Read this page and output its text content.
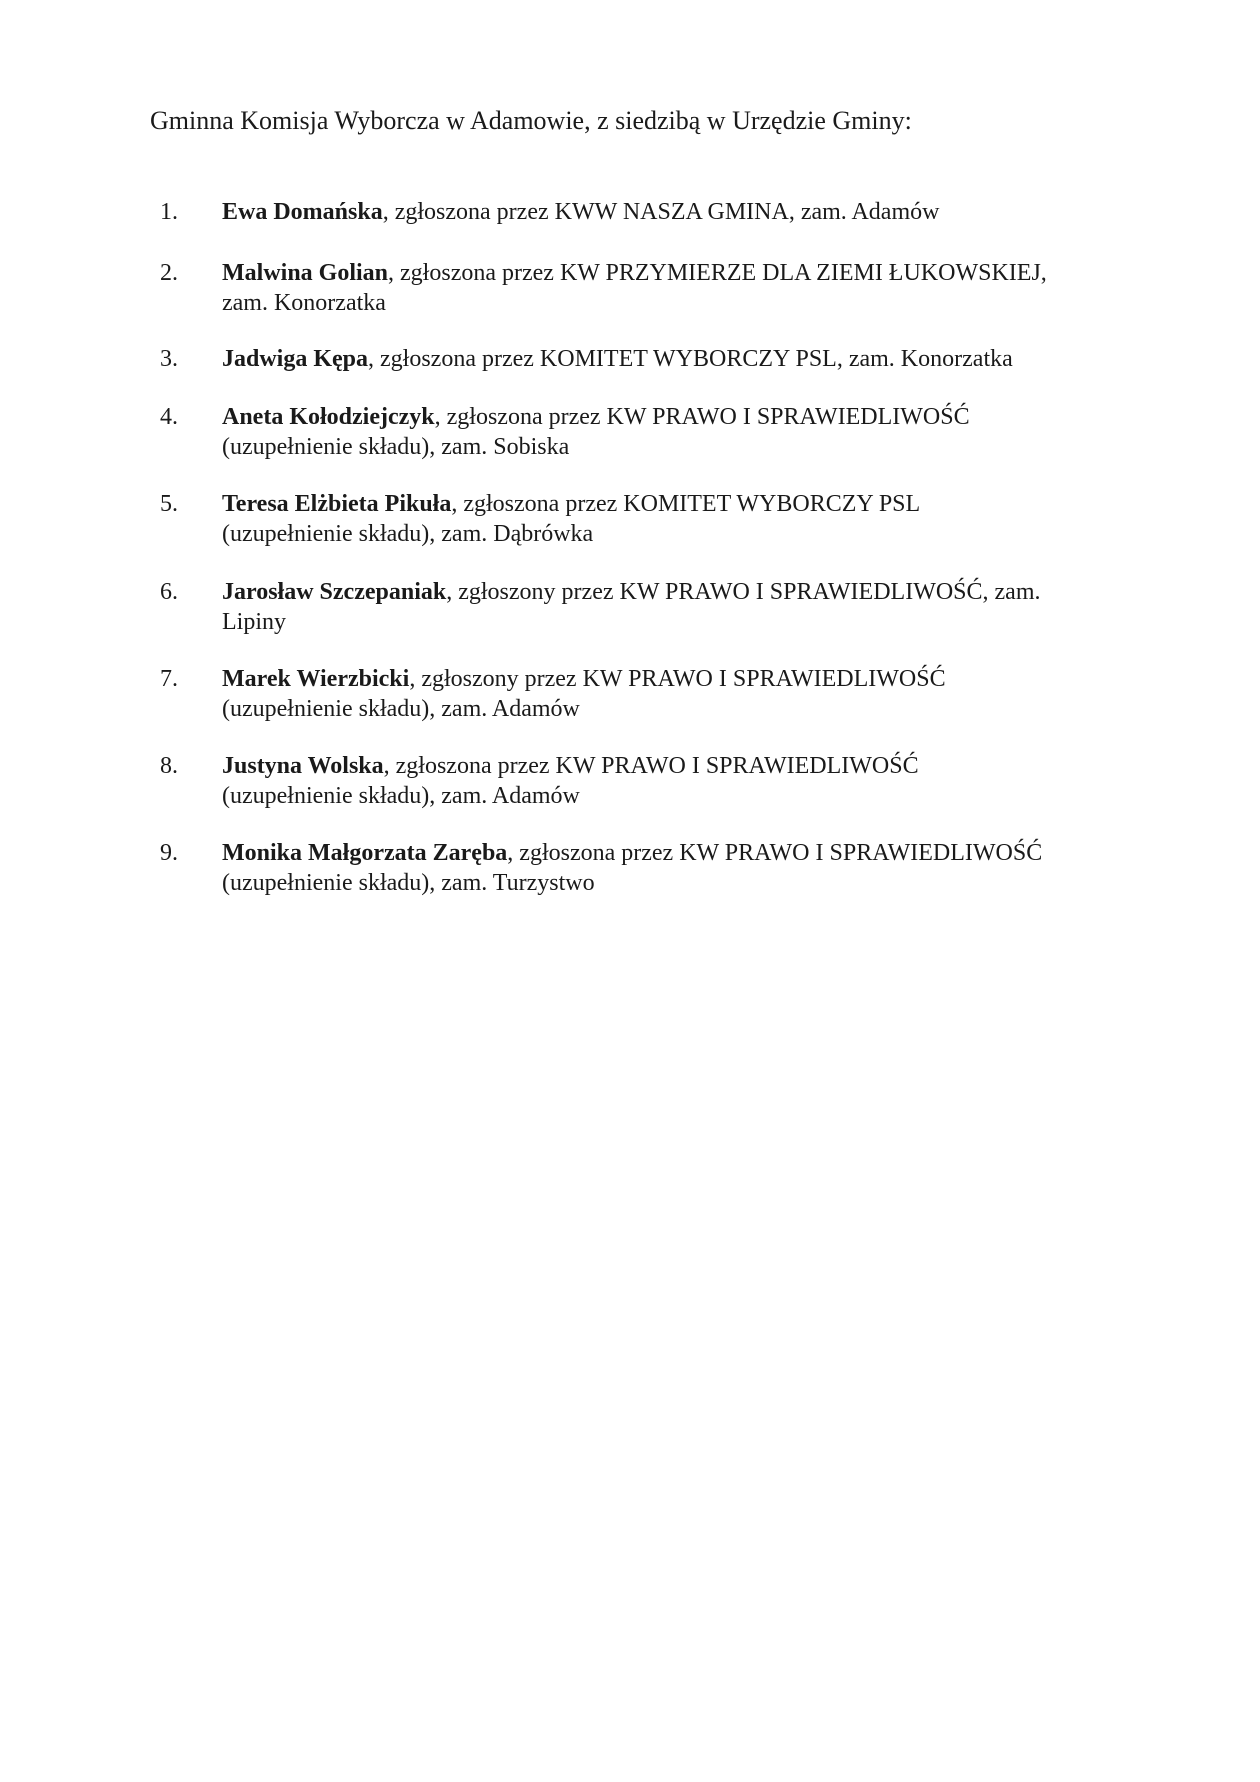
Gminna Komisja Wyborcza w Adamowie, z siedzibą w Urzędzie Gminy:
1. Ewa Domańska, zgłoszona przez KWW NASZA GMINA, zam. Adamów
2. Malwina Golian, zgłoszona przez KW PRZYMIERZE DLA ZIEMI ŁUKOWSKIEJ,
zam. Konorzatka
3. Jadwiga Kępa, zgłoszona przez KOMITET WYBORCZY PSL, zam. Konorzatka
4. Aneta Kołodziejczyk, zgłoszona przez KW PRAWO I SPRAWIEDLIWOŚĆ
(uzupełnienie składu), zam. Sobiska
5. Teresa Elżbieta Pikuła, zgłoszona przez KOMITET WYBORCZY PSL
(uzupełnienie składu), zam. Dąbrówka
6. Jarosław Szczepaniak, zgłoszony przez KW PRAWO I SPRAWIEDLIWOŚĆ, zam.
Lipiny
7. Marek Wierzbicki, zgłoszony przez KW PRAWO I SPRAWIEDLIWOŚĆ
(uzupełnienie składu), zam. Adamów
8. Justyna Wolska, zgłoszona przez KW PRAWO I SPRAWIEDLIWOŚĆ
(uzupełnienie składu), zam. Adamów
9. Monika Małgorzata Zaręba, zgłoszona przez KW PRAWO I SPRAWIEDLIWOŚĆ
(uzupełnienie składu), zam. Turzystwo
